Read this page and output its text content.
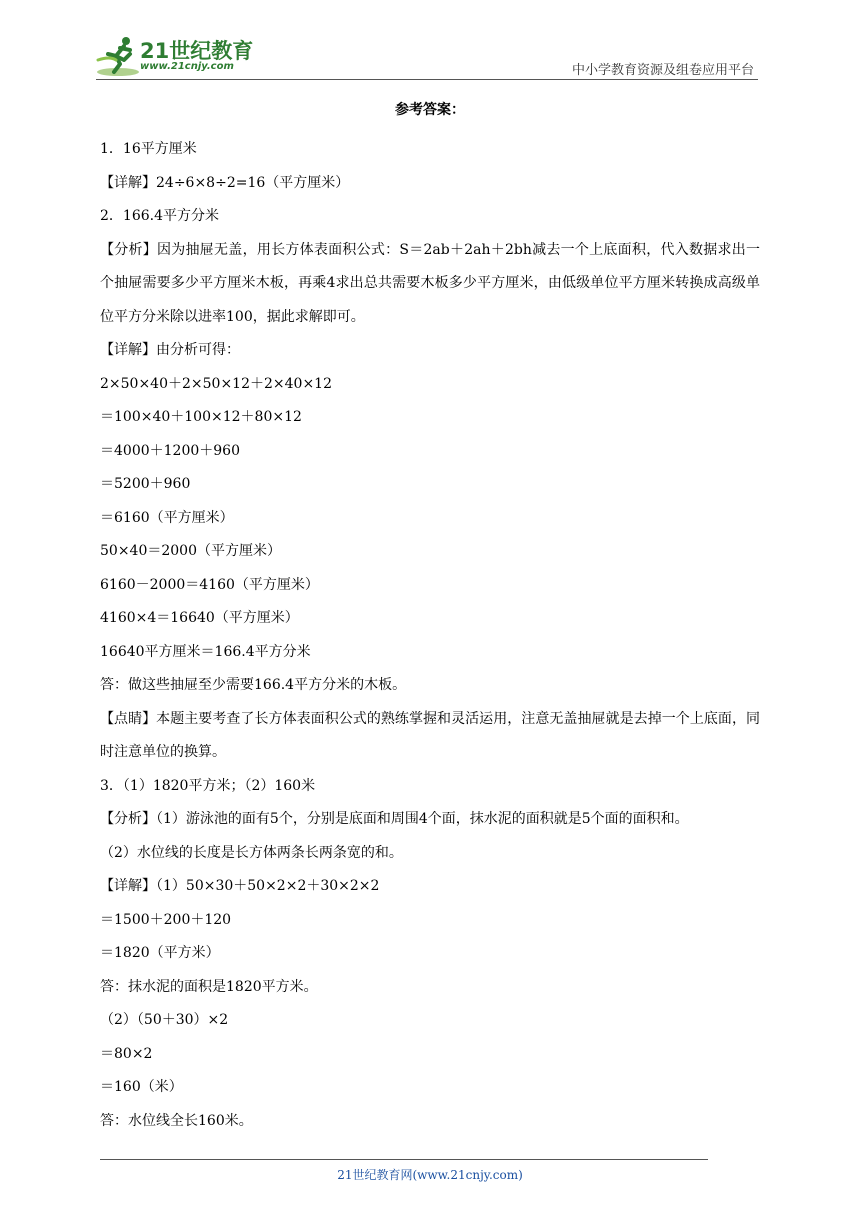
21世纪教育
www.21cnjy.com	中小学教育资源及组卷应用平台
参考答案：
1．16平方厘米
【详解】24÷6×8÷2=16（平方厘米）
2．166.4平方分米
【分析】因为抽屉无盖，用长方体表面积公式：S＝2ab＋2ah＋2bh减去一个上底面积，代入数据求出一个抽屉需要多少平方厘米木板，再乘4求出总共需要木板多少平方厘米，由低级单位平方厘米转换成高级单位平方分米除以进率100，据此求解即可。
【详解】由分析可得：
2×50×40＋2×50×12＋2×40×12
＝100×40＋100×12＋80×12
＝4000＋1200＋960
＝5200＋960
＝6160（平方厘米）
50×40＝2000（平方厘米）
6160－2000＝4160（平方厘米）
4160×4＝16640（平方厘米）
16640平方厘米＝166.4平方分米
答：做这些抽屉至少需要166.4平方分米的木板。
【点睛】本题主要考查了长方体表面积公式的熟练掌握和灵活运用，注意无盖抽屉就是去掉一个上底面，同时注意单位的换算。
3．（1）1820平方米；（2）160米
【分析】（1）游泳池的面有5个，分别是底面和周围4个面，抹水泥的面积就是5个面的面积和。
（2）水位线的长度是长方体两条长两条宽的和。
【详解】（1）50×30＋50×2×2＋30×2×2
＝1500＋200＋120
＝1820（平方米）
答：抹水泥的面积是1820平方米。
（2）（50＋30）×2
＝80×2
＝160（米）
答：水位线全长160米。
21世纪教育网(www.21cnjy.com)
